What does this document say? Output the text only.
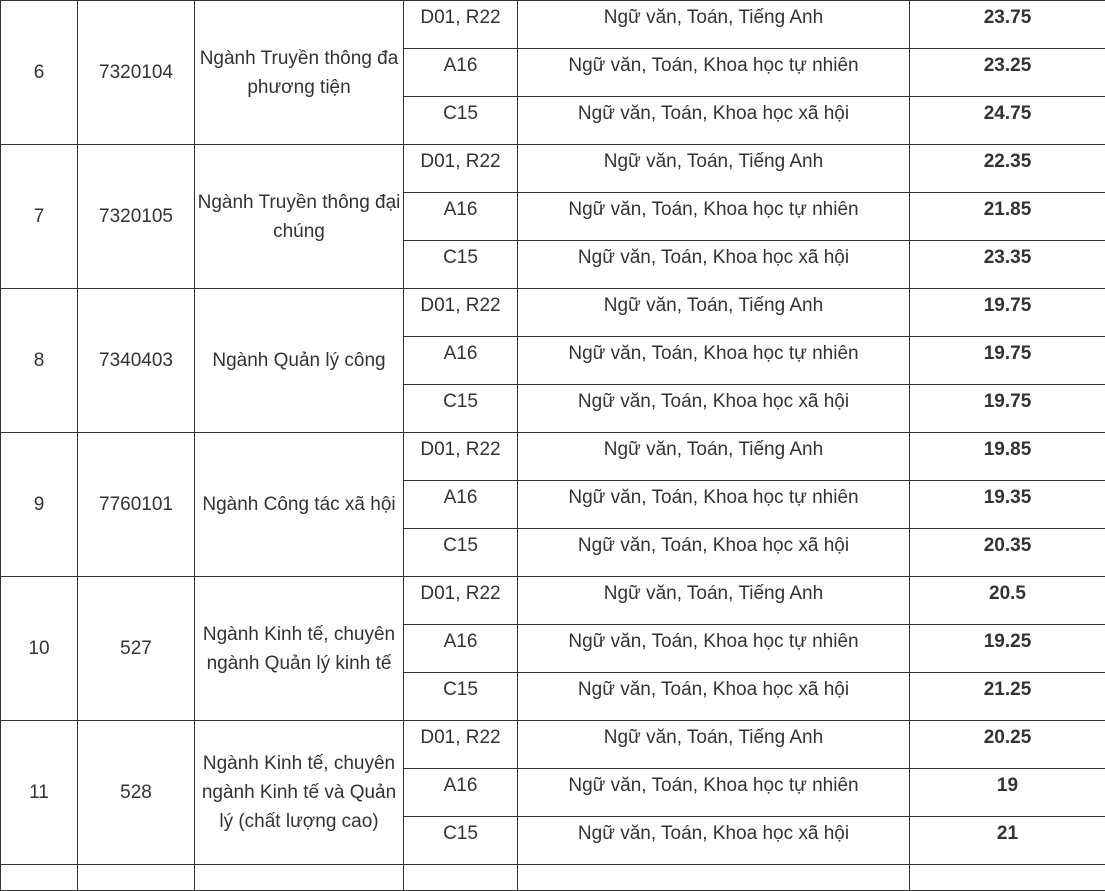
6	7320104	Ngành Truyền thông đa phương tiện	D01, R22	Ngữ văn, Toán, Tiếng Anh	23.75
			A16	Ngữ văn, Toán, Khoa học tự nhiên	23.25
			C15	Ngữ văn, Toán, Khoa học xã hội	24.75
7	7320105	Ngành Truyền thông đại chúng	D01, R22	Ngữ văn, Toán, Tiếng Anh	22.35
			A16	Ngữ văn, Toán, Khoa học tự nhiên	21.85
			C15	Ngữ văn, Toán, Khoa học xã hội	23.35
8	7340403	Ngành Quản lý công	D01, R22	Ngữ văn, Toán, Tiếng Anh	19.75
			A16	Ngữ văn, Toán, Khoa học tự nhiên	19.75
			C15	Ngữ văn, Toán, Khoa học xã hội	19.75
9	7760101	Ngành Công tác xã hội	D01, R22	Ngữ văn, Toán, Tiếng Anh	19.85
			A16	Ngữ văn, Toán, Khoa học tự nhiên	19.35
			C15	Ngữ văn, Toán, Khoa học xã hội	20.35
10	527	Ngành Kinh tế, chuyên ngành Quản lý kinh tế	D01, R22	Ngữ văn, Toán, Tiếng Anh	20.5
			A16	Ngữ văn, Toán, Khoa học tự nhiên	19.25
			C15	Ngữ văn, Toán, Khoa học xã hội	21.25
11	528	Ngành Kinh tế, chuyên ngành Kinh tế và Quản lý (chất lượng cao)	D01, R22	Ngữ văn, Toán, Tiếng Anh	20.25
			A16	Ngữ văn, Toán, Khoa học tự nhiên	19
			C15	Ngữ văn, Toán, Khoa học xã hội	21
